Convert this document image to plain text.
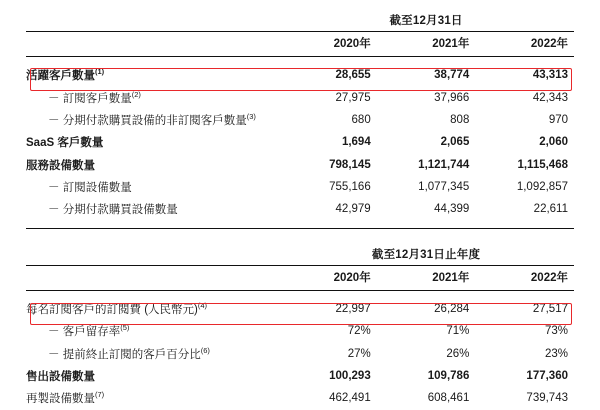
	截至12月31日		

	2020年	2021年	2022年

活躍客戶數量$^{(1)}$	28,655	38,774	43,313
－ 訂閱客戶數量$^{(2)}$	27,975	37,966	42,343
－ 分期付款購買設備的非訂閱客戶數量$^{(3)}$	680	808	970
SaaS 客戶數量	1,694	2,065	2,060
服務設備數量	798,145	1,121,744	1,115,468
－ 訂閱設備數量	755,166	1,077,345	1,092,857
－ 分期付款購買設備數量	42,979	44,399	22,611

	截至12月31日止年度		

	2020年	2021年	2022年

每名訂閱客戶的訂閱費 (人民幣元)$^{(4)}$	22,997	26,284	27,517
－ 客戶留存率$^{(5)}$	72%	71%	73%
－ 提前終止訂閱的客戶百分比$^{(6)}$	27%	26%	23%
售出設備數量	100,293	109,786	177,360
再製設備數量$^{(7)}$	462,491	608,461	739,743
